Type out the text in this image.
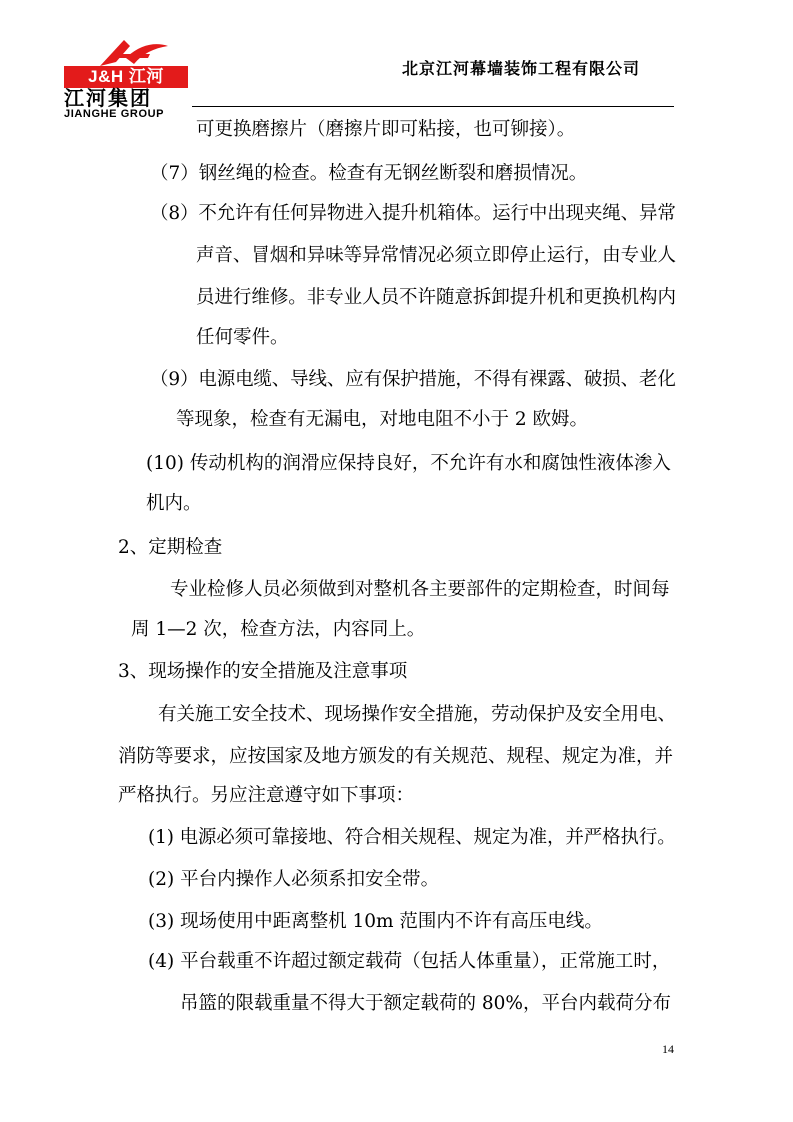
J&H 江河
江河集团
JIANGHE GROUP
北京江河幕墙装饰工程有限公司
可更换磨擦片（磨擦片即可粘接，也可铆接）。
（7）钢丝绳的检查。检查有无钢丝断裂和磨损情况。
（8）不允许有任何异物进入提升机箱体。运行中出现夹绳、异常
声音、冒烟和异味等异常情况必须立即停止运行，由专业人
员进行维修。非专业人员不许随意拆卸提升机和更换机构内
任何零件。
（9）电源电缆、导线、应有保护措施，不得有裸露、破损、老化
等现象，检查有无漏电，对地电阻不小于 2 欧姆。
(10) 传动机构的润滑应保持良好，不允许有水和腐蚀性液体渗入
机内。
2、定期检查
专业检修人员必须做到对整机各主要部件的定期检查，时间每
周 1—2 次，检查方法，内容同上。
3、现场操作的安全措施及注意事项
有关施工安全技术、现场操作安全措施，劳动保护及安全用电、
消防等要求，应按国家及地方颁发的有关规范、规程、规定为准，并
严格执行。另应注意遵守如下事项：
(1) 电源必须可靠接地、符合相关规程、规定为准，并严格执行。
(2) 平台内操作人必须系扣安全带。
(3) 现场使用中距离整机 10m 范围内不许有高压电线。
(4) 平台载重不许超过额定载荷（包括人体重量），正常施工时，
吊篮的限载重量不得大于额定载荷的 80%，平台内载荷分布
14
